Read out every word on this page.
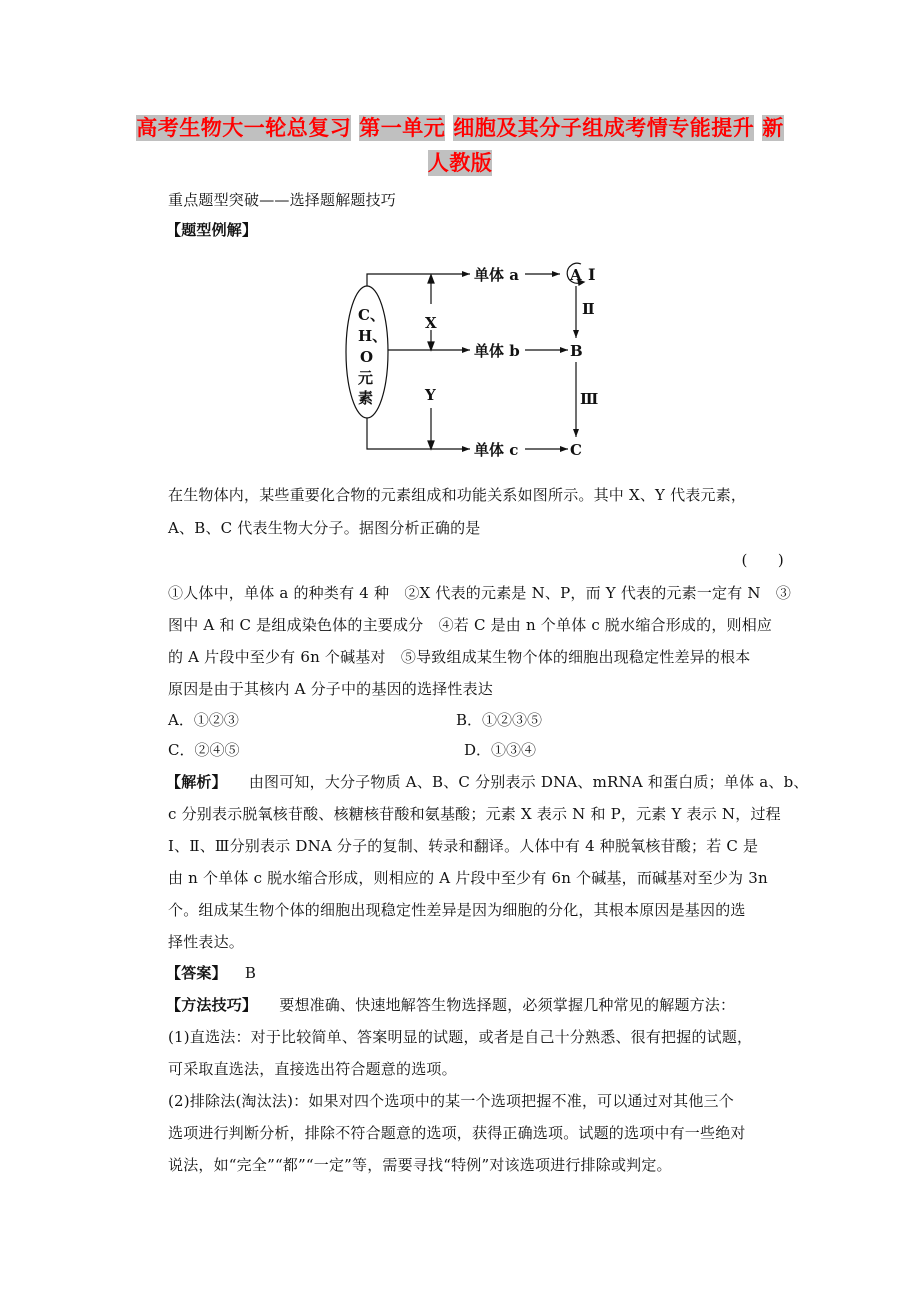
高考生物大一轮总复习 第一单元 细胞及其分子组成考情专能提升 新
人教版
重点题型突破——选择题解题技巧
【题型例解】
C、
H、
O
元
素
X
Y
单体 a
单体 b
单体 c
A
B
C
Ⅰ
Ⅱ
Ⅲ
在生物体内，某些重要化合物的元素组成和功能关系如图所示。其中 X、Y 代表元素，
A、B、C 代表生物大分子。据图分析正确的是
(　　)
①人体中，单体 a 的种类有 4 种　②X 代表的元素是 N、P，而 Y 代表的元素一定有 N　③
图中 A 和 C 是组成染色体的主要成分　④若 C 是由 n 个单体 c 脱水缩合形成的，则相应
的 A 片段中至少有 6n 个碱基对　⑤导致组成某生物个体的细胞出现稳定性差异的根本
原因是由于其核内 A 分子中的基因的选择性表达
A．①②③	B．①②③⑤
C．②④⑤	D．①③④
【解析】 由图可知，大分子物质 A、B、C 分别表示 DNA、mRNA 和蛋白质；单体 a、b、
c 分别表示脱氧核苷酸、核糖核苷酸和氨基酸；元素 X 表示 N 和 P，元素 Y 表示 N，过程
Ⅰ、Ⅱ、Ⅲ分别表示 DNA 分子的复制、转录和翻译。人体中有 4 种脱氧核苷酸；若 C 是
由 n 个单体 c 脱水缩合形成，则相应的 A 片段中至少有 6n 个碱基，而碱基对至少为 3n
个。组成某生物个体的细胞出现稳定性差异是因为细胞的分化，其根本原因是基因的选
择性表达。
【答案】 B
【方法技巧】 要想准确、快速地解答生物选择题，必须掌握几种常见的解题方法：
(1)直选法：对于比较简单、答案明显的试题，或者是自己十分熟悉、很有把握的试题，
可采取直选法，直接选出符合题意的选项。
(2)排除法(淘汰法)：如果对四个选项中的某一个选项把握不准，可以通过对其他三个
选项进行判断分析，排除不符合题意的选项，获得正确选项。试题的选项中有一些绝对
说法，如“完全”“都”“一定”等，需要寻找“特例”对该选项进行排除或判定。
